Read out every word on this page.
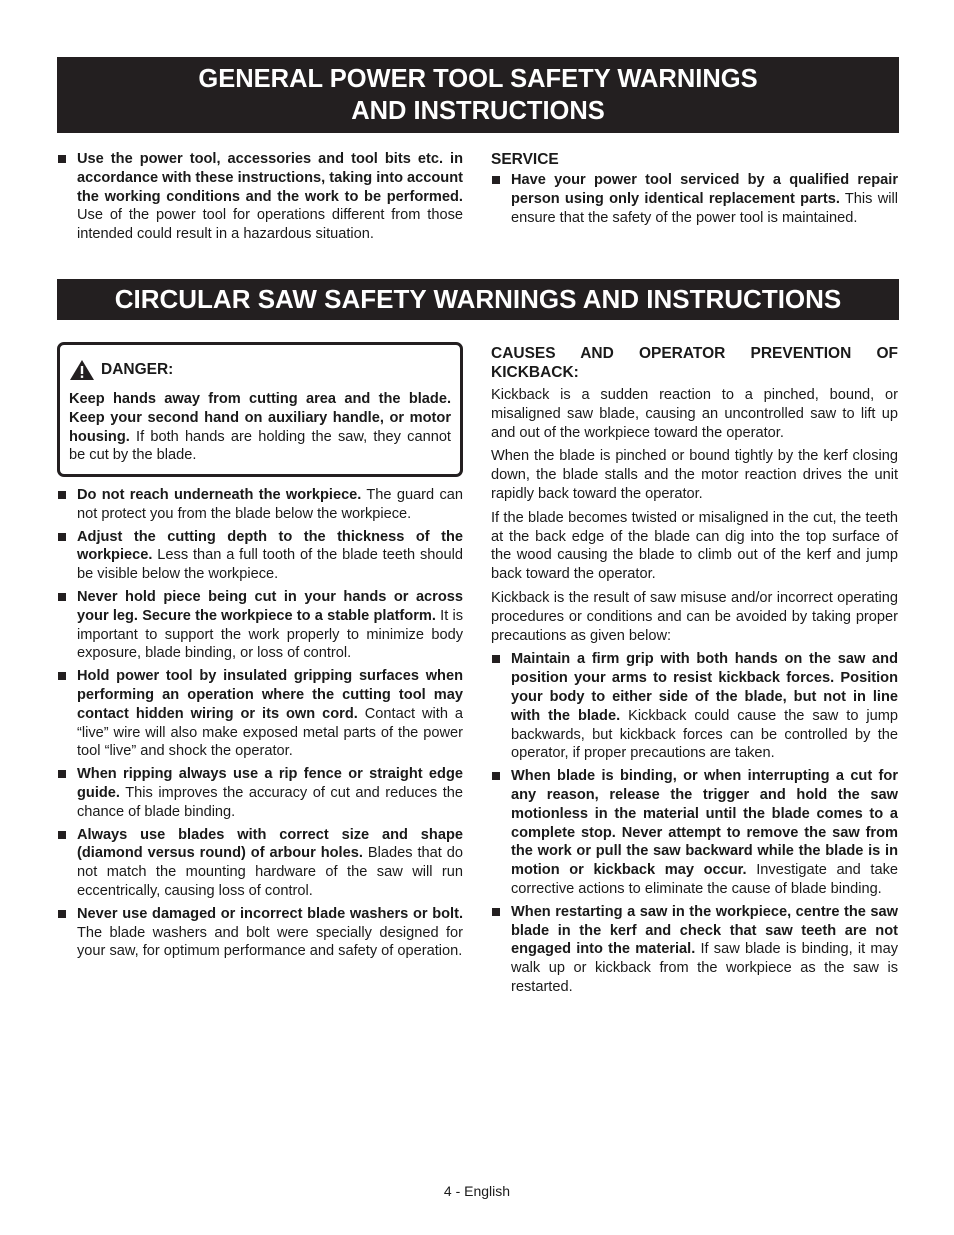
GENERAL POWER TOOL SAFETY WARNINGS
AND INSTRUCTIONS
Use the power tool, accessories and tool bits etc. in accordance with these instructions, taking into account the working conditions and the work to be performed. Use of the power tool for operations different from those intended could result in a hazardous situation.
SERVICE
Have your power tool serviced by a qualified repair person using only identical replacement parts. This will ensure that the safety of the power tool is maintained.
CIRCULAR SAW SAFETY WARNINGS AND INSTRUCTIONS
DANGER:
Keep hands away from cutting area and the blade. Keep your second hand on auxiliary handle, or motor housing. If both hands are holding the saw, they cannot be cut by the blade.
Do not reach underneath the workpiece. The guard can not protect you from the blade below the workpiece.
Adjust the cutting depth to the thickness of the workpiece. Less than a full tooth of the blade teeth should be visible below the workpiece.
Never hold piece being cut in your hands or across your leg. Secure the workpiece to a stable platform. It is important to support the work properly to minimize body exposure, blade binding, or loss of control.
Hold power tool by insulated gripping surfaces when performing an operation where the cutting tool may contact hidden wiring or its own cord. Contact with a “live” wire will also make exposed metal parts of the power tool “live” and shock the operator.
When ripping always use a rip fence or straight edge guide. This improves the accuracy of cut and reduces the chance of blade binding.
Always use blades with correct size and shape (diamond versus round) of arbour holes. Blades that do not match the mounting hardware of the saw will run eccentrically, causing loss of control.
Never use damaged or incorrect blade washers or bolt. The blade washers and bolt were specially designed for your saw, for optimum performance and safety of operation.
CAUSES AND OPERATOR PREVENTION OF KICKBACK:

Kickback is a sudden reaction to a pinched, bound, or misaligned saw blade, causing an uncontrolled saw to lift up and out of the workpiece toward the operator.

When the blade is pinched or bound tightly by the kerf closing down, the blade stalls and the motor reaction drives the unit rapidly back toward the operator.

If the blade becomes twisted or misaligned in the cut, the teeth at the back edge of the blade can dig into the top surface of the wood causing the blade to climb out of the kerf and jump back toward the operator.

Kickback is the result of saw misuse and/or incorrect operating procedures or conditions and can be avoided by taking proper precautions as given below:

Maintain a firm grip with both hands on the saw and position your arms to resist kickback forces. Position your body to either side of the blade, but not in line with the blade. Kickback could cause the saw to jump backwards, but kickback forces can be controlled by the operator, if proper precautions are taken.
When blade is binding, or when interrupting a cut for any reason, release the trigger and hold the saw motionless in the material until the blade comes to a complete stop. Never attempt to remove the saw from the work or pull the saw backward while the blade is in motion or kickback may occur. Investigate and take corrective actions to eliminate the cause of blade binding.
When restarting a saw in the workpiece, centre the saw blade in the kerf and check that saw teeth are not engaged into the material. If saw blade is binding, it may walk up or kickback from the workpiece as the saw is restarted.
4 - English
